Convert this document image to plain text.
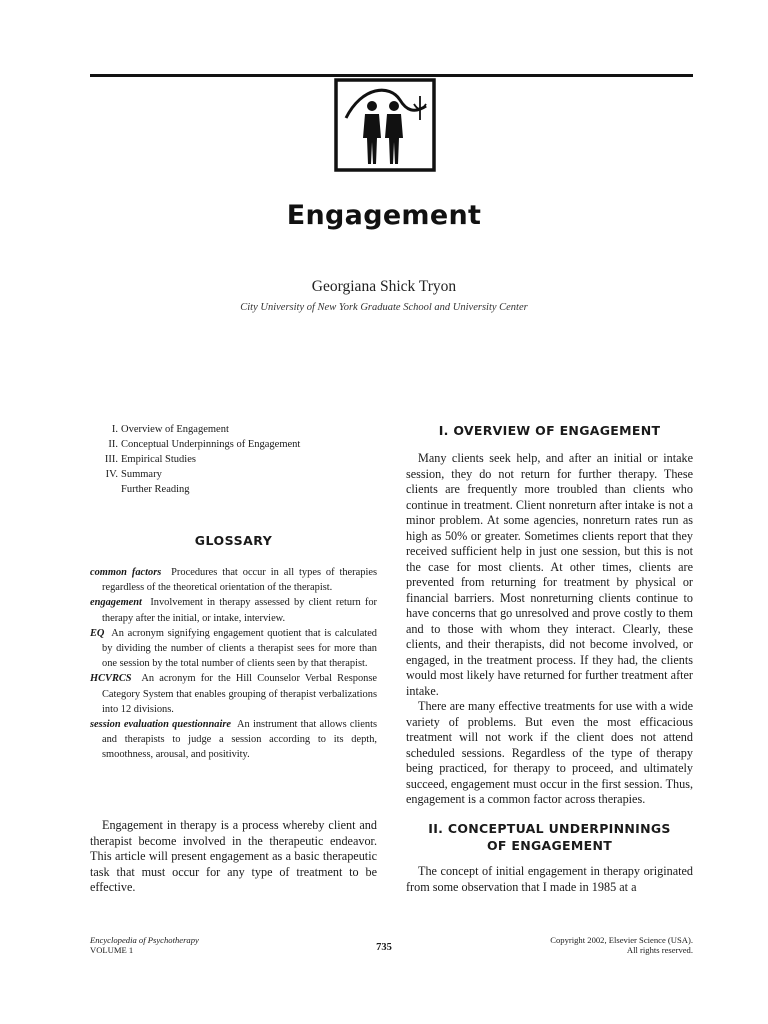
Engagement
Georgiana Shick Tryon
City University of New York Graduate School and University Center
I. Overview of Engagement
II. Conceptual Underpinnings of Engagement
III. Empirical Studies
IV. Summary
Further Reading
GLOSSARY
common factors Procedures that occur in all types of therapies regardless of the theoretical orientation of the therapist.
engagement Involvement in therapy assessed by client return for therapy after the initial, or intake, interview.
EQ An acronym signifying engagement quotient that is calculated by dividing the number of clients a therapist sees for more than one session by the total number of clients seen by that therapist.
HCVRCS An acronym for the Hill Counselor Verbal Response Category System that enables grouping of therapist verbalizations into 12 divisions.
session evaluation questionnaire An instrument that allows clients and therapists to judge a session according to its depth, smoothness, arousal, and positivity.

Engagement in therapy is a process whereby client and therapist become involved in the therapeutic endeavor. This article will present engagement as a basic therapeutic task that must occur for any type of treatment to be effective.

I. OVERVIEW OF ENGAGEMENT

Many clients seek help, and after an initial or intake session, they do not return for further therapy. These clients are frequently more troubled than clients who continue in treatment. Client nonreturn after intake is not a minor problem. At some agencies, nonreturn rates run as high as 50% or greater. Sometimes clients report that they received sufficient help in just one session, but this is not the case for most clients. At other times, clients are prevented from returning for treatment by physical or financial barriers. Most nonreturning clients continue to have concerns that go unresolved and prove costly to them and to those with whom they interact. Clearly, these clients, and their therapists, did not become involved, or engaged, in the treatment process. If they had, the clients would most likely have returned for further treatment after intake.

There are many effective treatments for use with a wide variety of problems. But even the most efficacious treatment will not work if the client does not attend scheduled sessions. Regardless of the type of therapy being practiced, for therapy to proceed, and ultimately succeed, engagement must occur in the first session. Thus, engagement is a common factor across therapies.

II. CONCEPTUAL UNDERPINNINGS
OF ENGAGEMENT

The concept of initial engagement in therapy originated from some observation that I made in 1985 at a

Encyclopedia of Psychotherapy
VOLUME 1	735
Copyright 2002, Elsevier Science (USA).
All rights reserved.
